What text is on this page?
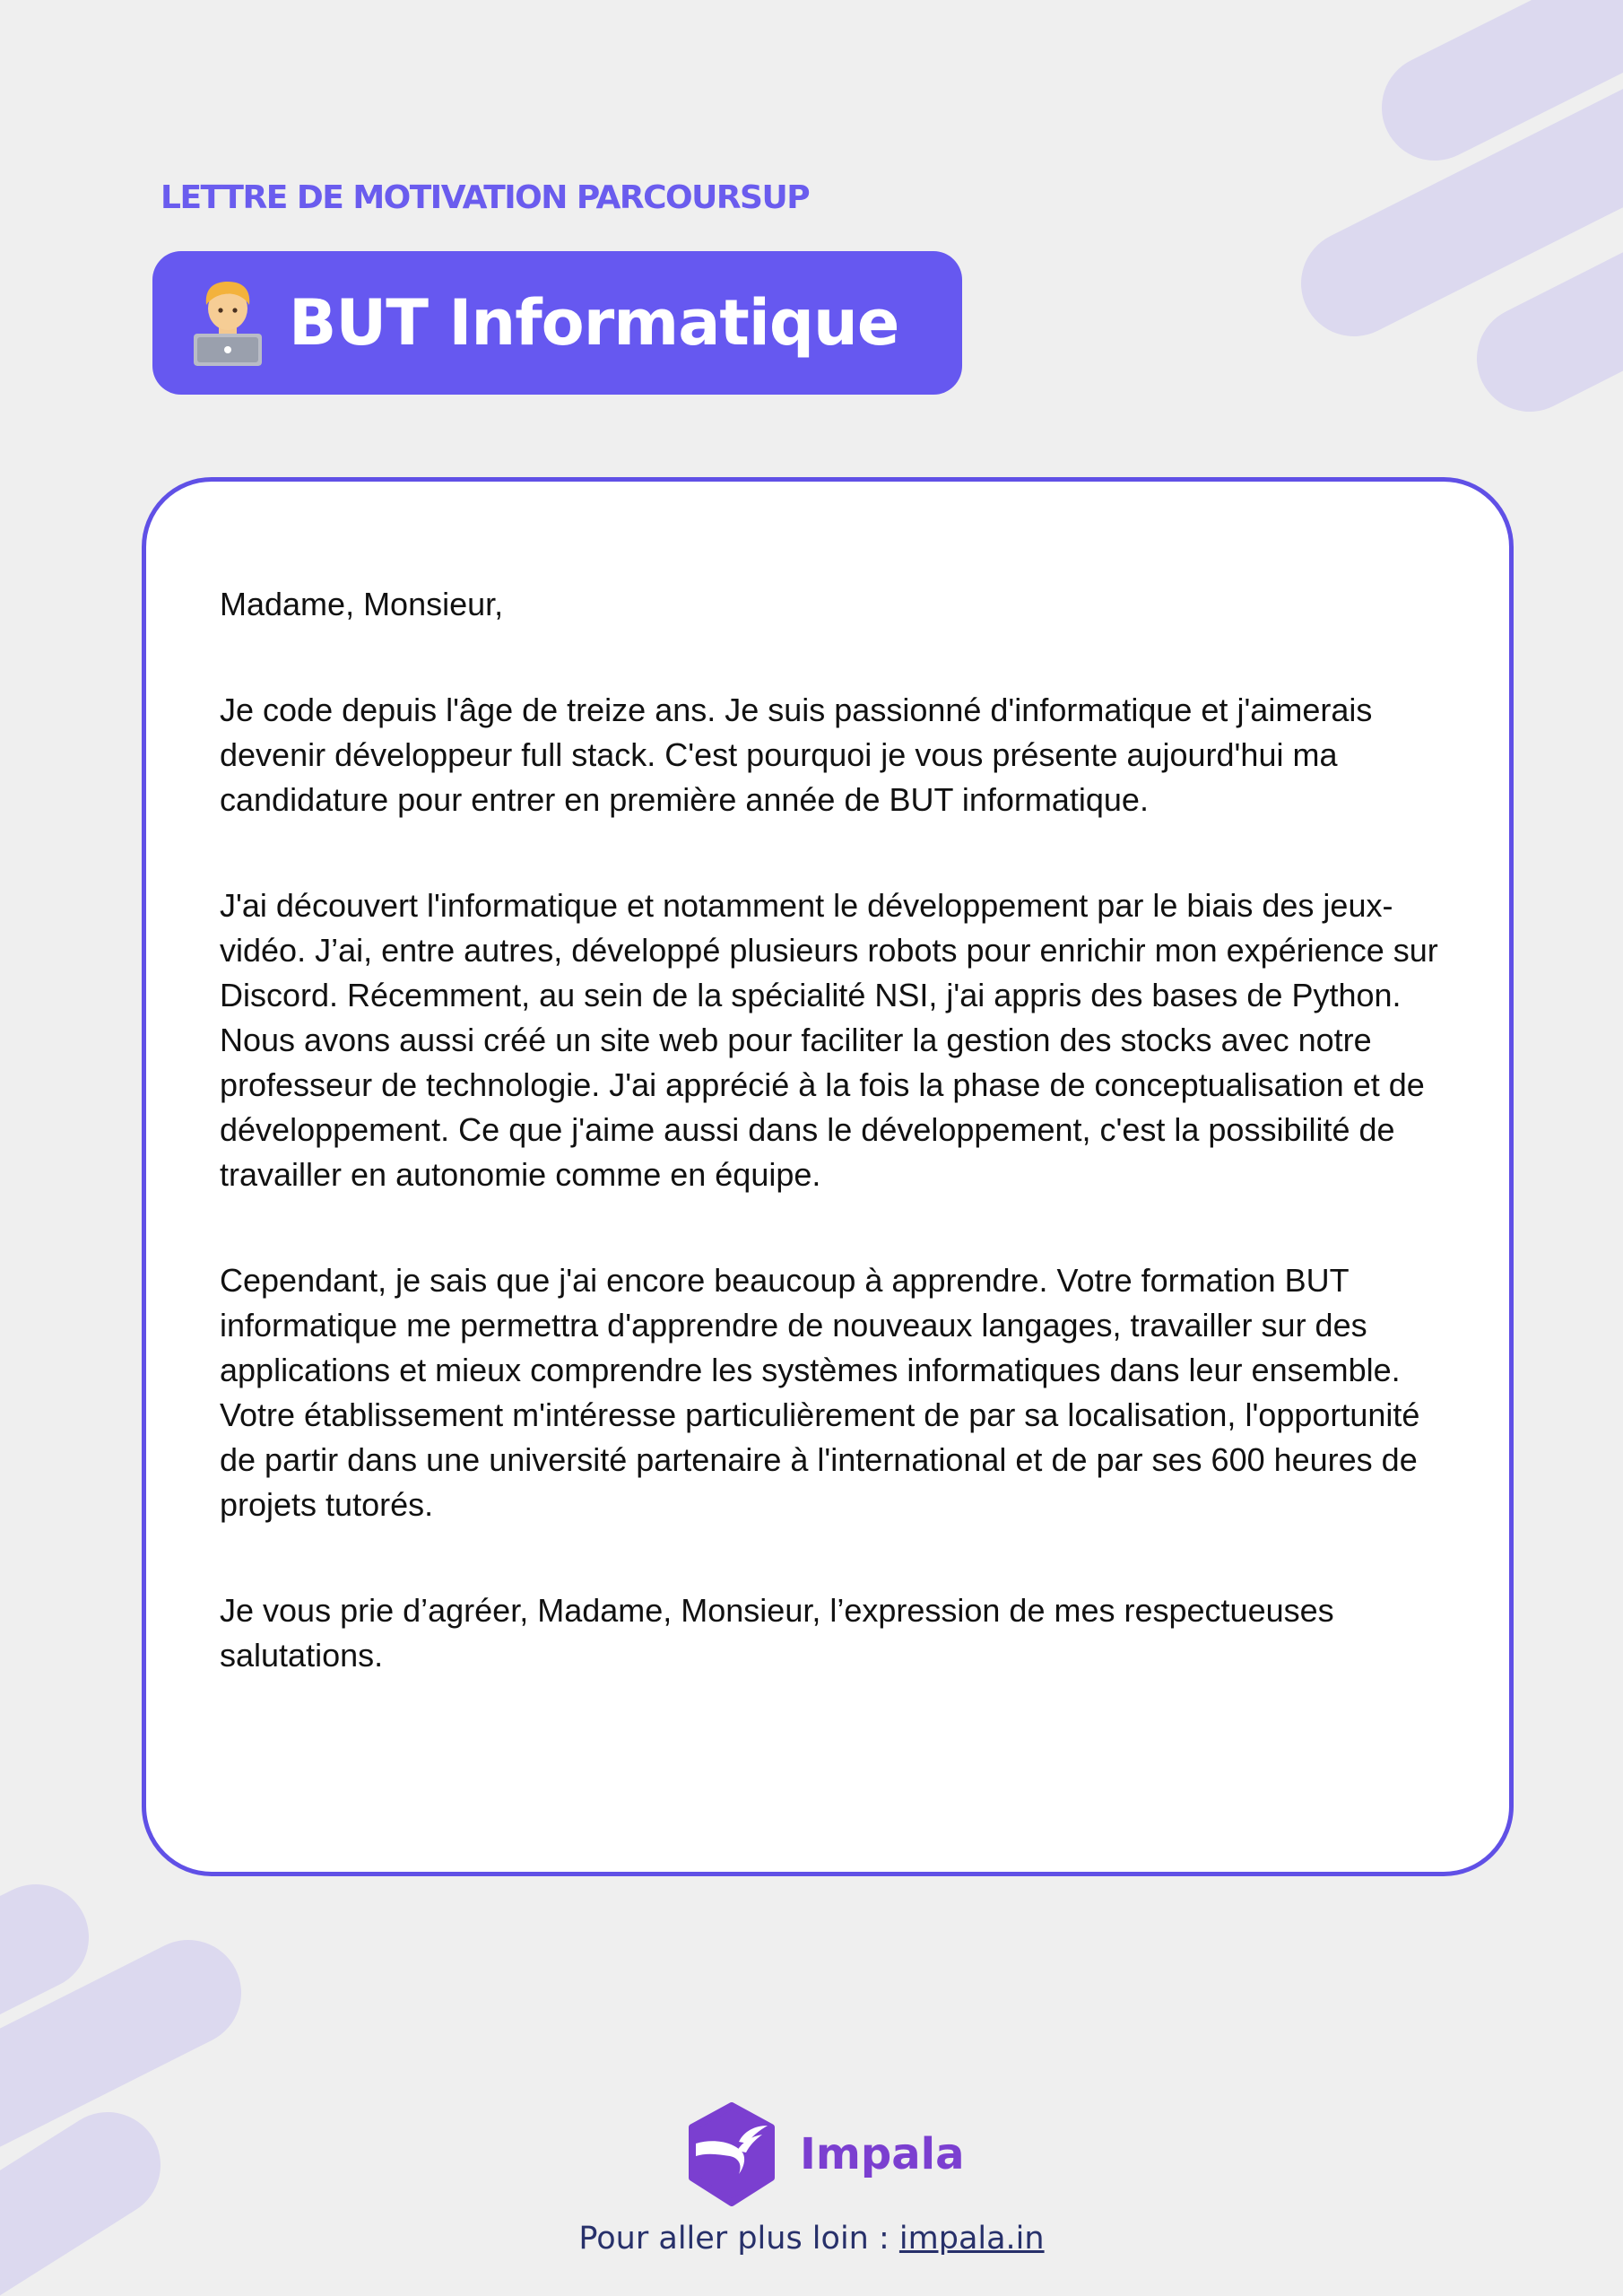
LETTRE DE MOTIVATION PARCOURSUP
BUT Informatique

Madame, Monsieur,

Je code depuis l'âge de treize ans. Je suis passionné d'informatique et j'aimerais devenir développeur full stack. C'est pourquoi je vous présente aujourd'hui ma candidature pour entrer en première année de BUT informatique.

J'ai découvert l'informatique et notamment le développement par le biais des jeux-vidéo. J’ai, entre autres, développé plusieurs robots pour enrichir mon expérience sur Discord. Récemment, au sein de la spécialité NSI, j'ai appris des bases de Python. Nous avons aussi créé un site web pour faciliter la gestion des stocks avec notre professeur de technologie. J'ai apprécié à la fois la phase de conceptualisation et de développement. Ce que j'aime aussi dans le développement, c'est la possibilité de travailler en autonomie comme en équipe.

Cependant, je sais que j'ai encore beaucoup à apprendre. Votre formation BUT informatique me permettra d'apprendre de nouveaux langages, travailler sur des applications et mieux comprendre les systèmes informatiques dans leur ensemble. Votre établissement m'intéresse particulièrement de par sa localisation, l'opportunité de partir dans une université partenaire à l'international et de par ses 600 heures de projets tutorés.

Je vous prie d’agréer, Madame, Monsieur, l’expression de mes respectueuses salutations.

Impala
Pour aller plus loin : impala.in
